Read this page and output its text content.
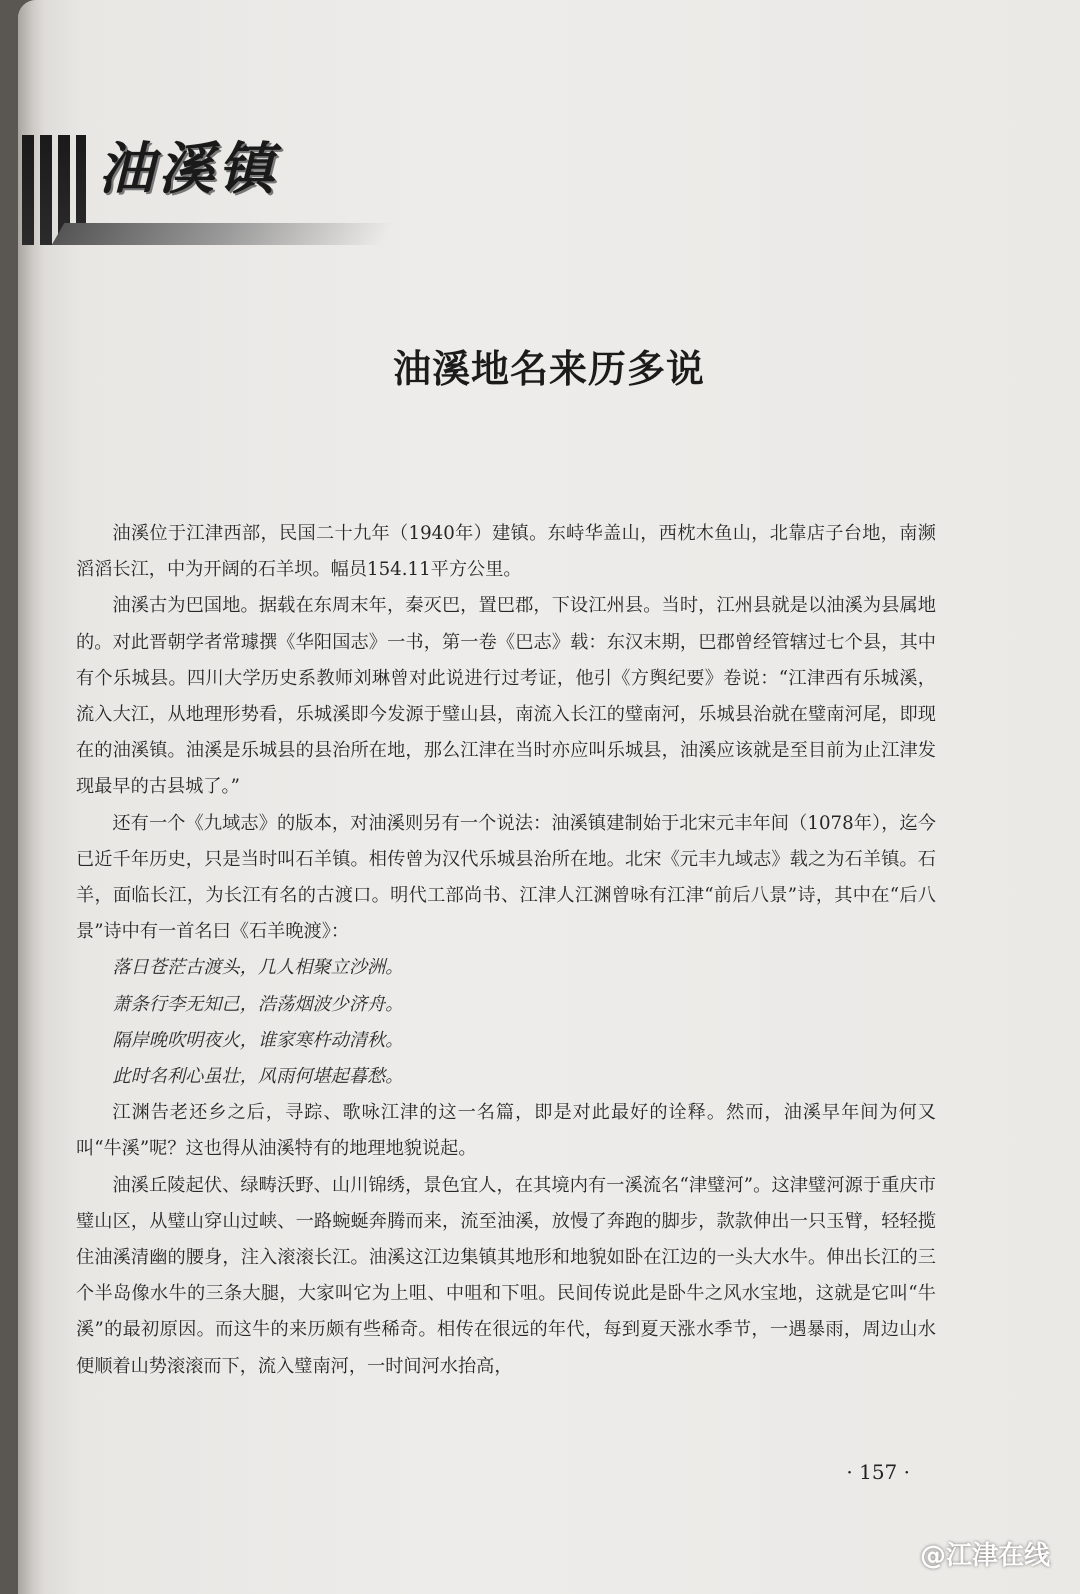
油溪镇
油溪地名来历多说

油溪位于江津西部，民国二十九年（1940年）建镇。东峙华盖山，西枕木鱼山，北靠店子台地，南濒滔滔长江，中为开阔的石羊坝。幅员154.11平方公里。

油溪古为巴国地。据载在东周末年，秦灭巴，置巴郡，下设江州县。当时，江州县就是以油溪为县属地的。对此晋朝学者常璩撰《华阳国志》一书，第一卷《巴志》载：东汉末期，巴郡曾经管辖过七个县，其中有个乐城县。四川大学历史系教师刘琳曾对此说进行过考证，他引《方舆纪要》卷说：“江津西有乐城溪，流入大江，从地理形势看，乐城溪即今发源于璧山县，南流入长江的璧南河，乐城县治就在璧南河尾，即现在的油溪镇。油溪是乐城县的县治所在地，那么江津在当时亦应叫乐城县，油溪应该就是至目前为止江津发现最早的古县城了。”

还有一个《九域志》的版本，对油溪则另有一个说法：油溪镇建制始于北宋元丰年间（1078年），迄今已近千年历史，只是当时叫石羊镇。相传曾为汉代乐城县治所在地。北宋《元丰九域志》载之为石羊镇。石羊，面临长江，为长江有名的古渡口。明代工部尚书、江津人江渊曾咏有江津“前后八景”诗，其中在“后八景”诗中有一首名曰《石羊晚渡》：

落日苍茫古渡头，几人相聚立沙洲。
萧条行李无知己，浩荡烟波少济舟。
隔岸晚吹明夜火，谁家寒杵动清秋。
此时名利心虽壮，风雨何堪起暮愁。

江渊告老还乡之后，寻踪、歌咏江津的这一名篇，即是对此最好的诠释。然而，油溪早年间为何又叫“牛溪”呢？这也得从油溪特有的地理地貌说起。

油溪丘陵起伏、绿畴沃野、山川锦绣，景色宜人，在其境内有一溪流名“津璧河”。这津璧河源于重庆市璧山区，从璧山穿山过峡、一路蜿蜒奔腾而来，流至油溪，放慢了奔跑的脚步，款款伸出一只玉臂，轻轻揽住油溪清幽的腰身，注入滚滚长江。油溪这江边集镇其地形和地貌如卧在江边的一头大水牛。伸出长江的三个半岛像水牛的三条大腿，大家叫它为上咀、中咀和下咀。民间传说此是卧牛之风水宝地，这就是它叫“牛溪”的最初原因。而这牛的来历颇有些稀奇。相传在很远的年代，每到夏天涨水季节，一遇暴雨，周边山水便顺着山势滚滚而下，流入璧南河，一时间河水抬高，

· 157 ·
@江津在线
